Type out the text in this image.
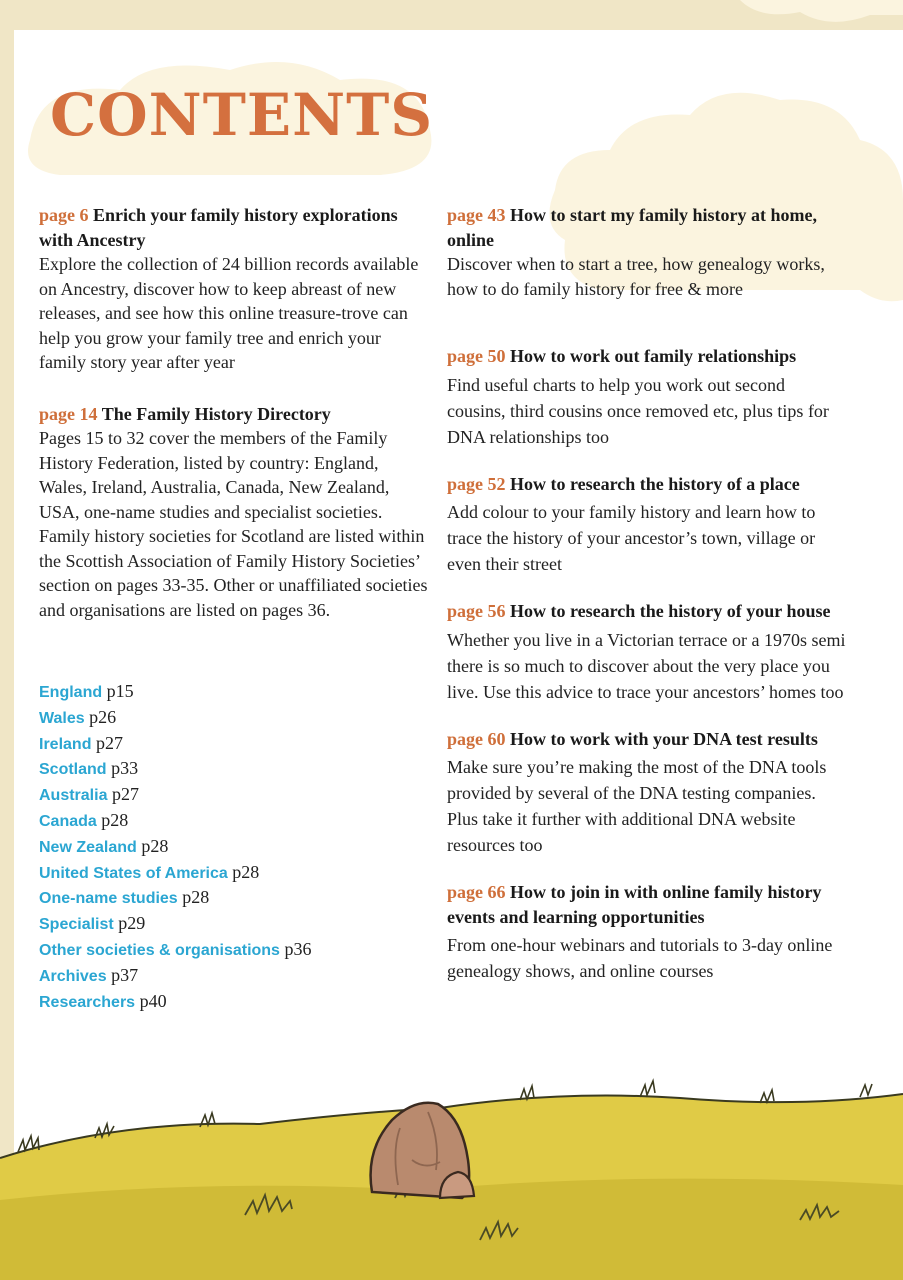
CONTENTS
page 6 Enrich your family history explorations with Ancestry
Explore the collection of 24 billion records available on Ancestry, discover how to keep abreast of new releases, and see how this online treasure-trove can help you grow your family tree and enrich your family story year after year
page 14 The Family History Directory
Pages 15 to 32 cover the members of the Family History Federation, listed by country: England, Wales, Ireland, Australia, Canada, New Zealand, USA, one-name studies and specialist societies. Family history societies for Scotland are listed within the Scottish Association of Family History Societies’ section on pages 33-35. Other or unaffiliated societies and organisations are listed on pages 36.
England p15
Wales p26
Ireland p27
Scotland p33
Australia p27
Canada p28
New Zealand p28
United States of America p28
One-name studies p28
Specialist p29
Other societies & organisations p36
Archives p37
Researchers p40
page 43 How to start my family history at home, online
Discover when to start a tree, how genealogy works, how to do family history for free & more
page 50 How to work out family relationships
Find useful charts to help you work out second cousins, third cousins once removed etc, plus tips for DNA relationships too
page 52 How to research the history of a place
Add colour to your family history and learn how to trace the history of your ancestor’s town, village or even their street
page 56 How to research the history of your house
Whether you live in a Victorian terrace or a 1970s semi there is so much to discover about the very place you live. Use this advice to trace your ancestors’ homes too
page 60 How to work with your DNA test results
Make sure you’re making the most of the DNA tools provided by several of the DNA testing companies. Plus take it further with additional DNA website resources too
page 66 How to join in with online family history events and learning opportunities
From one-hour webinars and tutorials to 3-day online genealogy shows, and online courses
